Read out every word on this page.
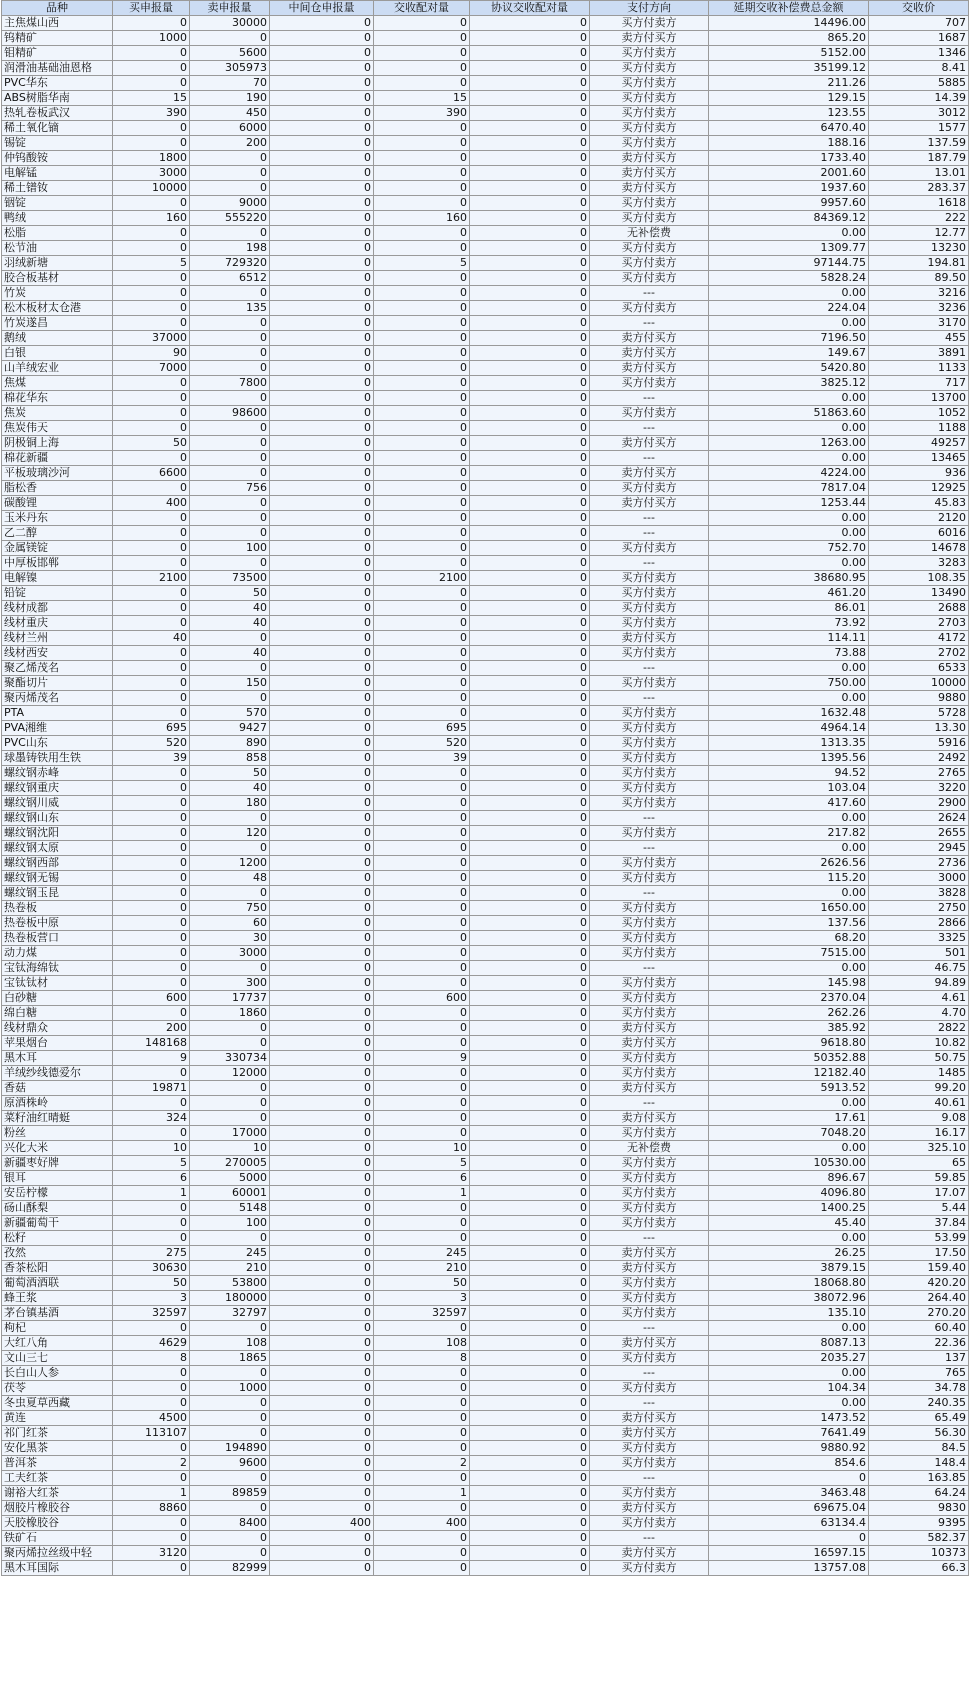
品种	买申报量	卖申报量	中间仓申报量	交收配对量	协议交收配对量	支付方向	延期交收补偿费总金额	交收价
主焦煤山西	0	30000	0	0	0	买方付卖方	14496.00	707
钨精矿	1000	0	0	0	0	卖方付买方	865.20	1687
钼精矿	0	5600	0	0	0	买方付卖方	5152.00	1346
润滑油基础油恩格	0	305973	0	0	0	买方付卖方	35199.12	8.41
PVC华东	0	70	0	0	0	买方付卖方	211.26	5885
ABS树脂华南	15	190	0	15	0	买方付卖方	129.15	14.39
热轧卷板武汉	390	450	0	390	0	买方付卖方	123.55	3012
稀土氧化镝	0	6000	0	0	0	买方付卖方	6470.40	1577
锡锭	0	200	0	0	0	买方付卖方	188.16	137.59
仲钨酸铵	1800	0	0	0	0	卖方付买方	1733.40	187.79
电解锰	3000	0	0	0	0	卖方付买方	2001.60	13.01
稀土镨钕	10000	0	0	0	0	卖方付买方	1937.60	283.37
铟锭	0	9000	0	0	0	买方付卖方	9957.60	1618
鸭绒	160	555220	0	160	0	买方付卖方	84369.12	222
松脂	0	0	0	0	0	无补偿费	0.00	12.77
松节油	0	198	0	0	0	买方付卖方	1309.77	13230
羽绒新塘	5	729320	0	5	0	买方付卖方	97144.75	194.81
胶合板基材	0	6512	0	0	0	买方付卖方	5828.24	89.50
竹炭	0	0	0	0	0	---	0.00	3216
松木板材太仓港	0	135	0	0	0	买方付卖方	224.04	3236
竹炭遂昌	0	0	0	0	0	---	0.00	3170
鹅绒	37000	0	0	0	0	卖方付买方	7196.50	455
白银	90	0	0	0	0	卖方付买方	149.67	3891
山羊绒宏业	7000	0	0	0	0	卖方付买方	5420.80	1133
焦煤	0	7800	0	0	0	买方付卖方	3825.12	717
棉花华东	0	0	0	0	0	---	0.00	13700
焦炭	0	98600	0	0	0	买方付卖方	51863.60	1052
焦炭伟天	0	0	0	0	0	---	0.00	1188
阴极铜上海	50	0	0	0	0	卖方付买方	1263.00	49257
棉花新疆	0	0	0	0	0	---	0.00	13465
平板玻璃沙河	6600	0	0	0	0	卖方付买方	4224.00	936
脂松香	0	756	0	0	0	买方付卖方	7817.04	12925
碳酸锂	400	0	0	0	0	卖方付买方	1253.44	45.83
玉米丹东	0	0	0	0	0	---	0.00	2120
乙二醇	0	0	0	0	0	---	0.00	6016
金属镁锭	0	100	0	0	0	买方付卖方	752.70	14678
中厚板邯郸	0	0	0	0	0	---	0.00	3283
电解镍	2100	73500	0	2100	0	买方付卖方	38680.95	108.35
铅锭	0	50	0	0	0	买方付卖方	461.20	13490
线材成都	0	40	0	0	0	买方付卖方	86.01	2688
线材重庆	0	40	0	0	0	买方付卖方	73.92	2703
线材兰州	40	0	0	0	0	卖方付买方	114.11	4172
线材西安	0	40	0	0	0	买方付卖方	73.88	2702
聚乙烯茂名	0	0	0	0	0	---	0.00	6533
聚酯切片	0	150	0	0	0	买方付卖方	750.00	10000
聚丙烯茂名	0	0	0	0	0	---	0.00	9880
PTA	0	570	0	0	0	买方付卖方	1632.48	5728
PVA湘维	695	9427	0	695	0	买方付卖方	4964.14	13.30
PVC山东	520	890	0	520	0	买方付卖方	1313.35	5916
球墨铸铁用生铁	39	858	0	39	0	买方付卖方	1395.56	2492
螺纹钢赤峰	0	50	0	0	0	买方付卖方	94.52	2765
螺纹钢重庆	0	40	0	0	0	买方付卖方	103.04	3220
螺纹钢川威	0	180	0	0	0	买方付卖方	417.60	2900
螺纹钢山东	0	0	0	0	0	---	0.00	2624
螺纹钢沈阳	0	120	0	0	0	买方付卖方	217.82	2655
螺纹钢太原	0	0	0	0	0	---	0.00	2945
螺纹钢西部	0	1200	0	0	0	买方付卖方	2626.56	2736
螺纹钢无锡	0	48	0	0	0	买方付卖方	115.20	3000
螺纹钢玉昆	0	0	0	0	0	---	0.00	3828
热卷板	0	750	0	0	0	买方付卖方	1650.00	2750
热卷板中原	0	60	0	0	0	买方付卖方	137.56	2866
热卷板营口	0	30	0	0	0	买方付卖方	68.20	3325
动力煤	0	3000	0	0	0	买方付卖方	7515.00	501
宝钛海绵钛	0	0	0	0	0	---	0.00	46.75
宝钛钛材	0	300	0	0	0	买方付卖方	145.98	94.89
白砂糖	600	17737	0	600	0	买方付卖方	2370.04	4.61
绵白糖	0	1860	0	0	0	买方付卖方	262.26	4.70
线材鼎众	200	0	0	0	0	卖方付买方	385.92	2822
苹果烟台	148168	0	0	0	0	卖方付买方	9618.80	10.82
黑木耳	9	330734	0	9	0	买方付卖方	50352.88	50.75
羊绒纱线德爱尔	0	12000	0	0	0	买方付卖方	12182.40	1485
香菇	19871	0	0	0	0	卖方付买方	5913.52	99.20
原酒株岭	0	0	0	0	0	---	0.00	40.61
菜籽油红晴蜓	324	0	0	0	0	卖方付买方	17.61	9.08
粉丝	0	17000	0	0	0	买方付卖方	7048.20	16.17
兴化大米	10	10	0	10	0	无补偿费	0.00	325.10
新疆枣好牌	5	270005	0	5	0	买方付卖方	10530.00	65
银耳	6	5000	0	6	0	买方付卖方	896.67	59.85
安岳柠檬	1	60001	0	1	0	买方付卖方	4096.80	17.07
砀山酥梨	0	5148	0	0	0	买方付卖方	1400.25	5.44
新疆葡萄干	0	100	0	0	0	买方付卖方	45.40	37.84
松籽	0	0	0	0	0	---	0.00	53.99
孜然	275	245	0	245	0	卖方付买方	26.25	17.50
香茶松阳	30630	210	0	210	0	卖方付买方	3879.15	159.40
葡萄酒酒联	50	53800	0	50	0	买方付卖方	18068.80	420.20
蜂王浆	3	180000	0	3	0	买方付卖方	38072.96	264.40
茅台镇基酒	32597	32797	0	32597	0	买方付卖方	135.10	270.20
枸杞	0	0	0	0	0	---	0.00	60.40
大红八角	4629	108	0	108	0	卖方付买方	8087.13	22.36
文山三七	8	1865	0	8	0	买方付卖方	2035.27	137
长白山人参	0	0	0	0	0	---	0.00	765
茯苓	0	1000	0	0	0	买方付卖方	104.34	34.78
冬虫夏草西藏	0	0	0	0	0	---	0.00	240.35
黄连	4500	0	0	0	0	卖方付买方	1473.52	65.49
祁门红茶	113107	0	0	0	0	卖方付买方	7641.49	56.30
安化黑茶	0	194890	0	0	0	买方付卖方	9880.92	84.5
普洱茶	2	9600	0	2	0	买方付卖方	854.6	148.4
工夫红茶	0	0	0	0	0	---	0	163.85
谢裕大红茶	1	89859	0	1	0	买方付卖方	3463.48	64.24
烟胶片橡胶谷	8860	0	0	0	0	卖方付买方	69675.04	9830
天胶橡胶谷	0	8400	400	400	0	买方付卖方	63134.4	9395
铁矿石	0	0	0	0	0	---	0	582.37
聚丙烯拉丝级中轻	3120	0	0	0	0	卖方付买方	16597.15	10373
黑木耳国际	0	82999	0	0	0	买方付卖方	13757.08	66.3
